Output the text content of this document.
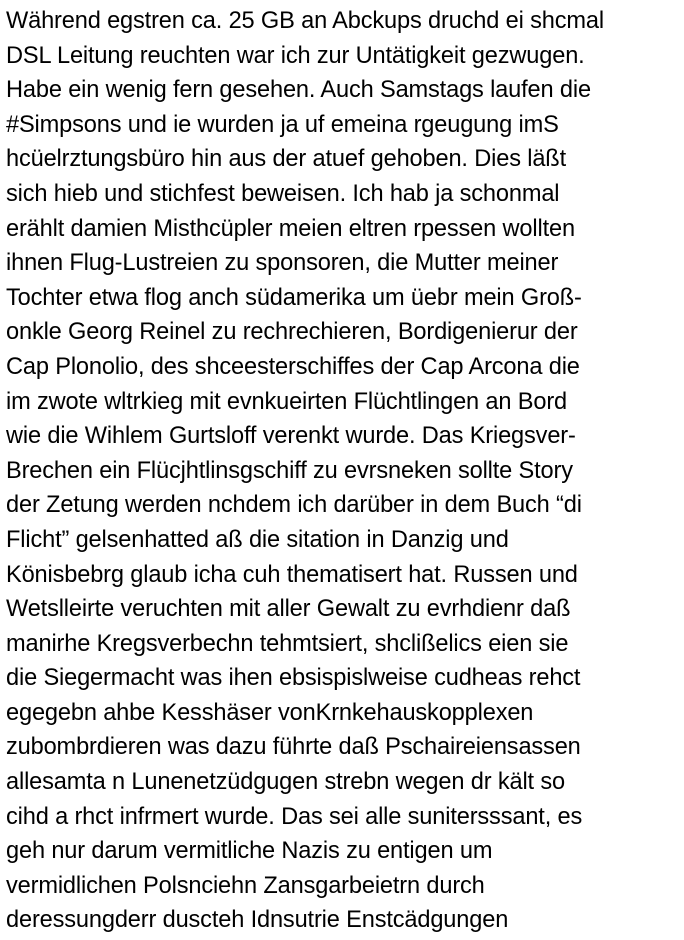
Während egstren ca. 25 GB an Abckups druchd ei shcmal
DSL Leitung reuchten war ich zur Untätigkeit gezwugen.
Habe ein wenig fern gesehen. Auch Samstags laufen die
#Simpsons und ie wurden ja uf emeina rgeugung imS
hcüelrztungsbüro hin aus der atuef gehoben. Dies läßt
sich hieb und stichfest beweisen. Ich hab ja schonmal
erählt damien Misthcüpler meien eltren rpessen wollten
ihnen Flug-Lustreien zu sponsoren, die Mutter meiner
Tochter etwa flog anch südamerika um üebr mein Groß-
onkle Georg Reinel zu rechrechieren, Bordigenierur der
Cap Plonolio, des shceesterschiffes der Cap Arcona die
im zwote wltrkieg mit evnkueirten Flüchtlingen an Bord
wie die Wihlem Gurtsloff verenkt wurde. Das Kriegsver-
Brechen ein Flücjhtlinsgschiff zu evrsneken sollte Story
der Zetung werden nchdem ich darüber in dem Buch “di
Flicht” gelsenhatted aß die sitation in Danzig und
Könisbebrg glaub icha cuh thematisert hat. Russen und
Wetslleirte veruchten mit aller Gewalt zu evrhdienr daß
manirhe Kregsverbechn tehmtsiert, shclißelics eien sie
die Siegermacht was ihen ebsispislweise cudheas rehct
egegebn ahbe Kesshäser vonKrnkehauskopplexen
zubombrdieren was dazu führte daß Pschaireiensassen
allesamta n Lunenetzüdgugen strebn wegen dr kält so
cihd a rhct infrmert wurde. Das sei alle sunitersssant, es
geh nur darum vermitliche Nazis zu entigen um
vermidlichen Polsnciehn Zansgarbeietrn durch
deressungderr duscteh Idnsutrie Enstcädgungen
